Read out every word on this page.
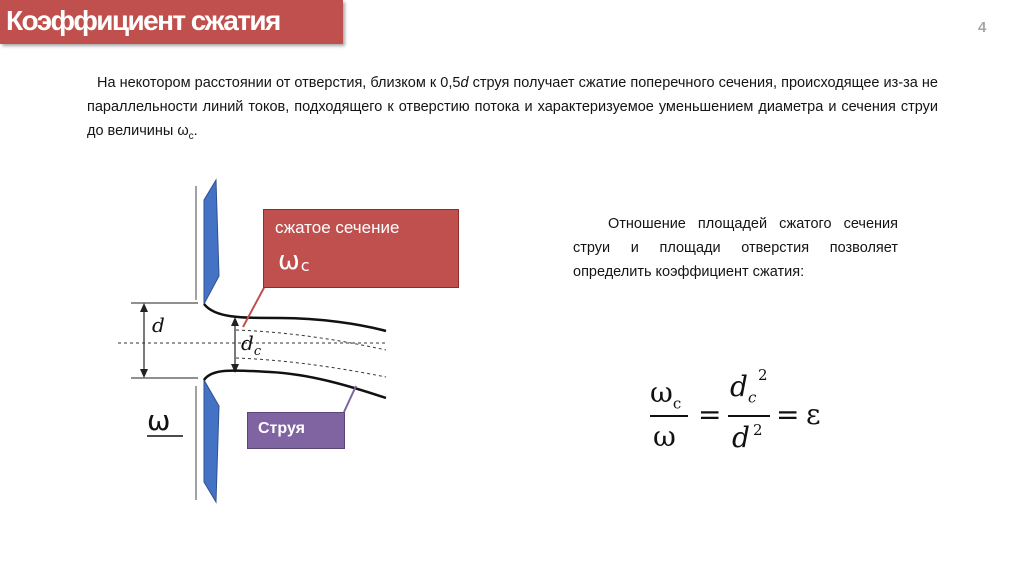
Коэффициент сжатия	4
На некотором расстоянии от отверстия, близком к 0,5d струя получает сжатие поперечного сечения, происходящее из-за не параллельности линий токов, подходящего к отверстию потока и характеризуемое уменьшением диаметра и сечения струи до величины $\omega_с$.
Отношение площадей сжатого сечения струи и площади отверстия позволяет определить коэффициент сжатия:
d
$d_c$
ω
сжатое сечение
$\omega_с$
Струя
$\omega_c$
ω
=
$d_c$
2
d 2 = ε
